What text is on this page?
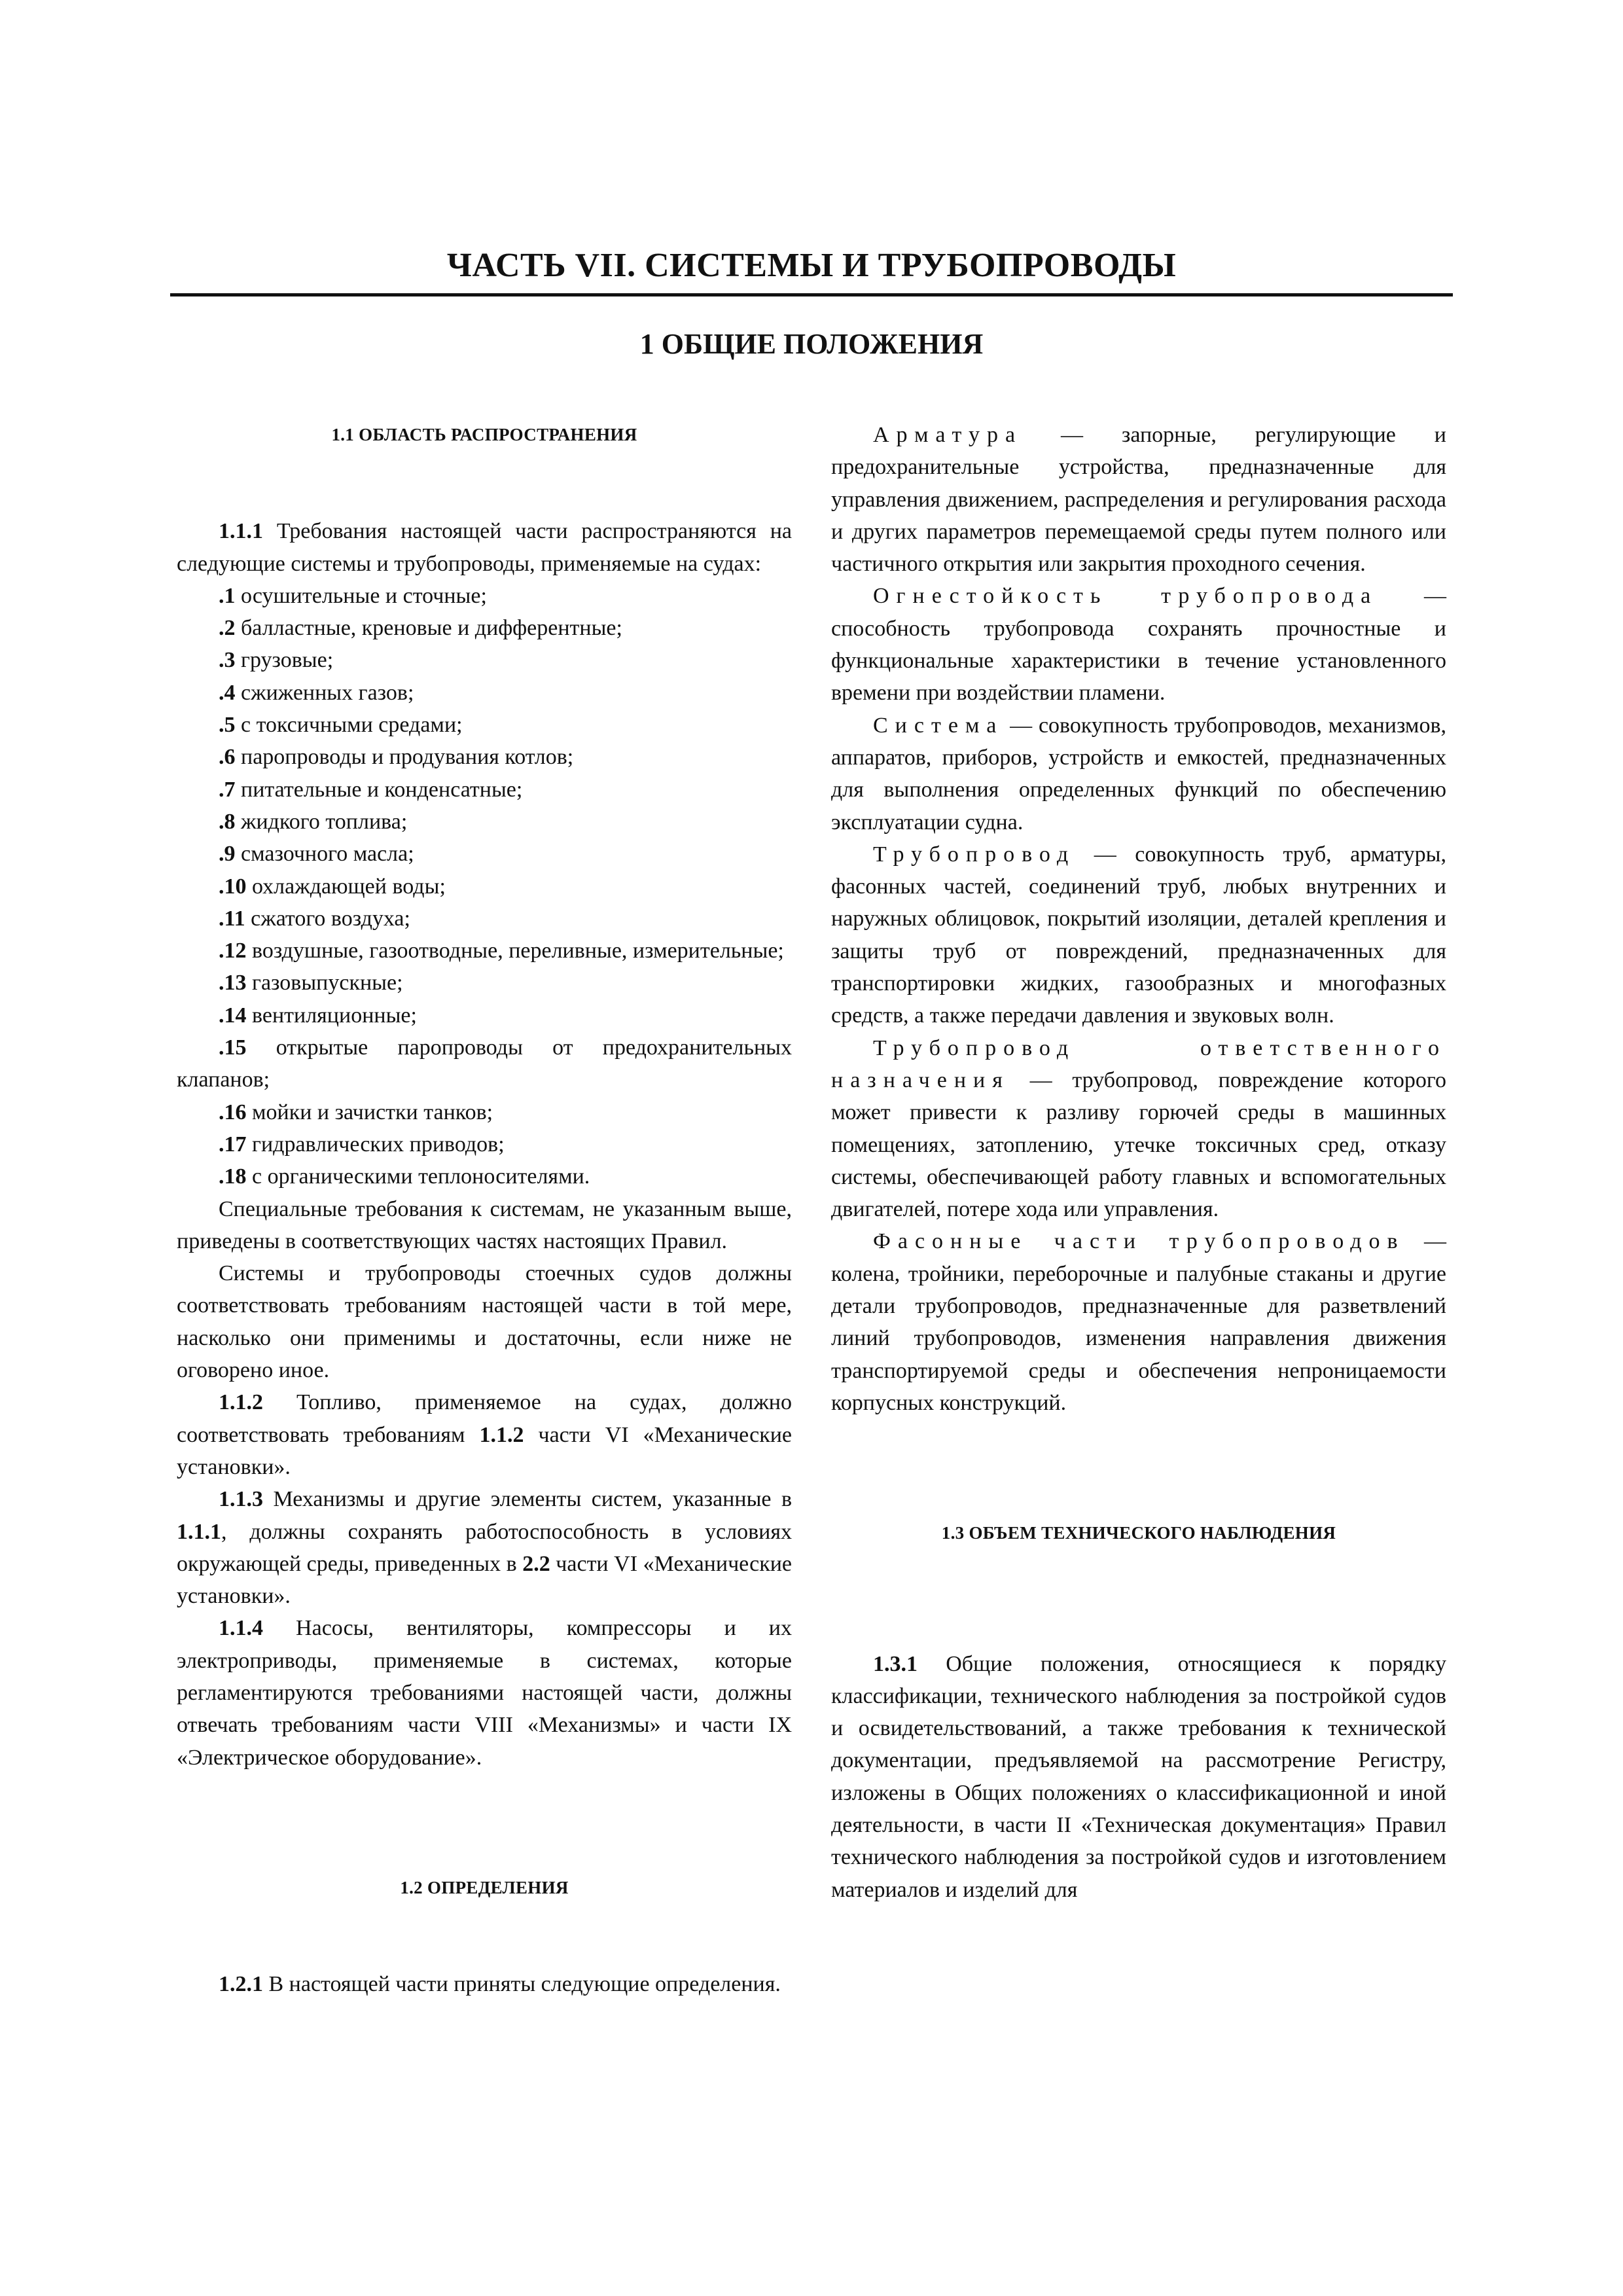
ЧАСТЬ VII. СИСТЕМЫ И ТРУБОПРОВОДЫ
1 ОБЩИЕ ПОЛОЖЕНИЯ

1.1 ОБЛАСТЬ РАСПРОСТРАНЕНИЯ

1.1.1 Требования настоящей части распространяются на следующие системы и трубопроводы, применяемые на судах:

.1 осушительные и сточные;

.2 балластные, креновые и дифферентные;

.3 грузовые;

.4 сжиженных газов;

.5 с токсичными средами;

.6 паропроводы и продувания котлов;

.7 питательные и конденсатные;

.8 жидкого топлива;

.9 смазочного масла;

.10 охлаждающей воды;

.11 сжатого воздуха;

.12 воздушные, газоотводные, переливные, измерительные;

.13 газовыпускные;

.14 вентиляционные;

.15 открытые паропроводы от предохранительных клапанов;

.16 мойки и зачистки танков;

.17 гидравлических приводов;

.18 с органическими теплоносителями.

Специальные требования к системам, не указанным выше, приведены в соответствующих частях настоящих Правил.

Системы и трубопроводы стоечных судов должны соответствовать требованиям настоящей части в той мере, насколько они применимы и достаточны, если ниже не оговорено иное.

1.1.2 Топливо, применяемое на судах, должно соответствовать требованиям 1.1.2 части VI «Механические установки».

1.1.3 Механизмы и другие элементы систем, указанные в 1.1.1, должны сохранять работоспособность в условиях окружающей среды, приведенных в 2.2 части VI «Механические установки».

1.1.4 Насосы, вентиляторы, компрессоры и их электроприводы, применяемые в системах, которые регламентируются требованиями настоящей части, должны отвечать требованиям части VIII «Механизмы» и части IX «Электрическое оборудование».

1.2 ОПРЕДЕЛЕНИЯ

1.2.1 В настоящей части приняты следующие определения.

Арматура — запорные, регулирующие и предохранительные устройства, предназначенные для управления движением, распределения и регулирования расхода и других параметров перемещаемой среды путем полного или частичного открытия или закрытия проходного сечения.

Огнестойкость трубопровода — способность трубопровода сохранять прочностные и функциональные характеристики в течение установленного времени при воздействии пламени.

Система — совокупность трубопроводов, механизмов, аппаратов, приборов, устройств и емкостей, предназначенных для выполнения определенных функций по обеспечению эксплуатации судна.

Трубопровод — совокупность труб, арматуры, фасонных частей, соединений труб, любых внутренних и наружных облицовок, покрытий изоляции, деталей крепления и защиты труб от повреждений, предназначенных для транспортировки жидких, газообразных и многофазных средств, а также передачи давления и звуковых волн.

Трубопровод ответственного назначения — трубопровод, повреждение которого может привести к разливу горючей среды в машинных помещениях, затоплению, утечке токсичных сред, отказу системы, обеспечивающей работу главных и вспомогательных двигателей, потере хода или управления.

Фасонные части трубопроводов — колена, тройники, переборочные и палубные стаканы и другие детали трубопроводов, предназначенные для разветвлений линий трубопроводов, изменения направления движения транспортируемой среды и обеспечения непроницаемости корпусных конструкций.

1.3 ОБЪЕМ ТЕХНИЧЕСКОГО НАБЛЮДЕНИЯ

1.3.1 Общие положения, относящиеся к порядку классификации, технического наблюдения за постройкой судов и освидетельствований, а также требования к технической документации, предъявляемой на рассмотрение Регистру, изложены в Общих положениях о классификационной и иной деятельности, в части II «Техническая документация» Правил технического наблюдения за постройкой судов и изготовлением материалов и изделий для
